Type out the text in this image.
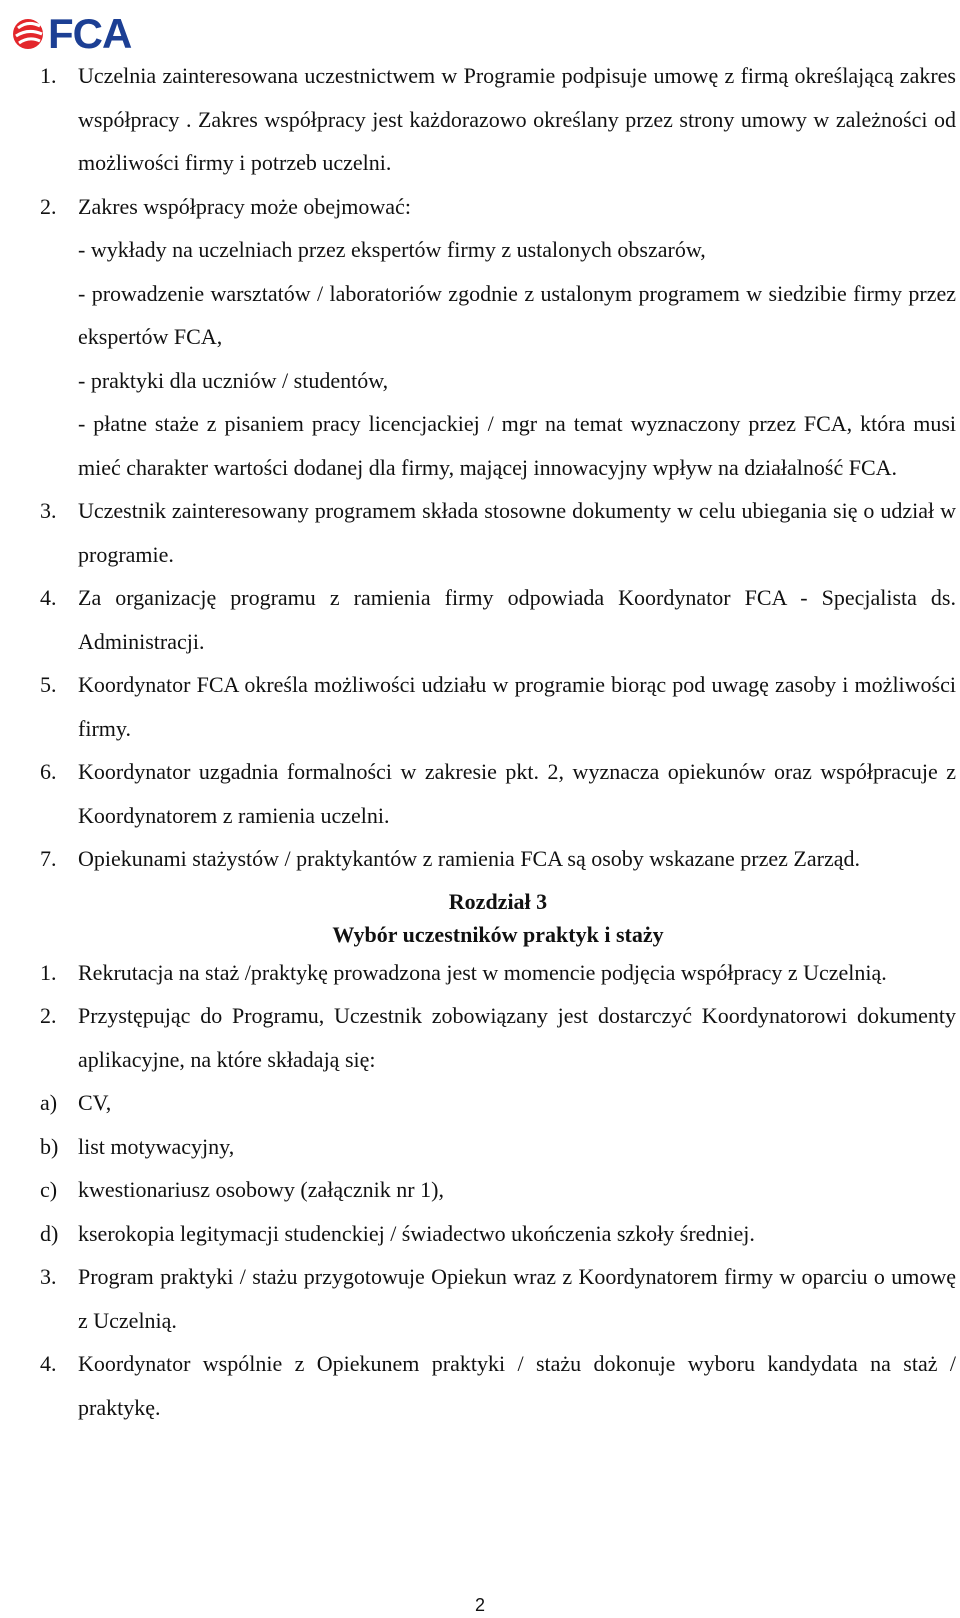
FCA
1. Uczelnia zainteresowana uczestnictwem w Programie podpisuje umowę z firmą określającą zakres współpracy . Zakres współpracy jest każdorazowo określany przez strony umowy w zależności od możliwości firmy i potrzeb uczelni.
2. Zakres współpracy może obejmować:
- wykłady na uczelniach przez ekspertów firmy z ustalonych obszarów,
- prowadzenie warsztatów / laboratoriów zgodnie z ustalonym programem w siedzibie firmy przez ekspertów FCA,
- praktyki dla uczniów / studentów,
- płatne staże z pisaniem pracy licencjackiej / mgr na temat wyznaczony przez FCA, która musi mieć charakter wartości dodanej dla firmy, mającej innowacyjny wpływ na działalność FCA.
3. Uczestnik zainteresowany programem składa stosowne dokumenty w celu ubiegania się o udział w programie.
4. Za organizację programu z ramienia firmy odpowiada Koordynator FCA - Specjalista ds. Administracji.
5. Koordynator FCA określa możliwości udziału w programie biorąc pod uwagę zasoby i możliwości firmy.
6. Koordynator uzgadnia formalności w zakresie pkt. 2, wyznacza opiekunów oraz współpracuje z Koordynatorem z ramienia uczelni.
7. Opiekunami stażystów / praktykantów z ramienia FCA są osoby wskazane przez Zarząd.
Rozdział 3
Wybór uczestników praktyk i staży
1. Rekrutacja na staż /praktykę prowadzona jest w momencie podjęcia współpracy z Uczelnią.
2. Przystępując do Programu, Uczestnik zobowiązany jest dostarczyć Koordynatorowi dokumenty aplikacyjne, na które składają się:
a) CV,
b) list motywacyjny,
c) kwestionariusz osobowy (załącznik nr 1),
d) kserokopia legitymacji studenckiej / świadectwo ukończenia szkoły średniej.
3. Program praktyki / stażu przygotowuje Opiekun wraz z Koordynatorem firmy w oparciu o umowę z Uczelnią.
4. Koordynator wspólnie z Opiekunem praktyki / stażu dokonuje wyboru kandydata na staż / praktykę.
2
